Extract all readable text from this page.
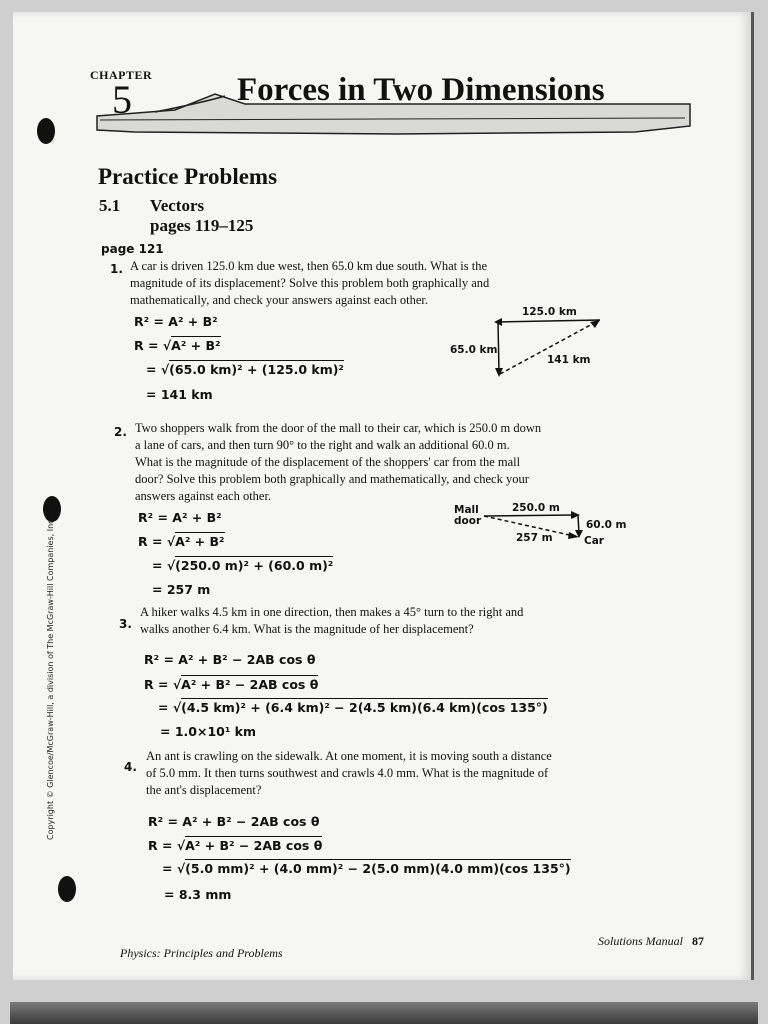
CHAPTER
5	Forces in Two Dimensions
Practice Problems
5.1 Vectors
pages 119–125
page 121
1. A car is driven 125.0 km due west, then 65.0 km due south. What is the
magnitude of its displacement? Solve this problem both graphically and
mathematically, and check your answers against each other.
R² = A² + B²
R = √A² + B²
= √(65.0 km)² + (125.0 km)²
= 141 km
125.0 km
65.0 km
141 km
2. Two shoppers walk from the door of the mall to their car, which is 250.0 m down
a lane of cars, and then turn 90° to the right and walk an additional 60.0 m.
What is the magnitude of the displacement of the shoppers' car from the mall
door? Solve this problem both graphically and mathematically, and check your
answers against each other.
R² = A² + B²
R = √A² + B²
= √(250.0 m)² + (60.0 m)²
= 257 m
Mall
door
250.0 m
60.0 m
257 m	Car
3.
A hiker walks 4.5 km in one direction, then makes a 45° turn to the right and
walks another 6.4 km. What is the magnitude of her displacement?
R² = A² + B² − 2AB cos θ
R = √A² + B² − 2AB cos θ
= √(4.5 km)² + (6.4 km)² − 2(4.5 km)(6.4 km)(cos 135°)
= 1.0×10¹ km
4.
An ant is crawling on the sidewalk. At one moment, it is moving south a distance
of 5.0 mm. It then turns southwest and crawls 4.0 mm. What is the magnitude of
the ant's displacement?
R² = A² + B² − 2AB cos θ
R = √A² + B² − 2AB cos θ
= √(5.0 mm)² + (4.0 mm)² − 2(5.0 mm)(4.0 mm)(cos 135°)
= 8.3 mm
Physics: Principles and Problems
Solutions Manual 87
Copyright © Glencoe/McGraw-Hill, a division of The McGraw-Hill Companies, Inc.
